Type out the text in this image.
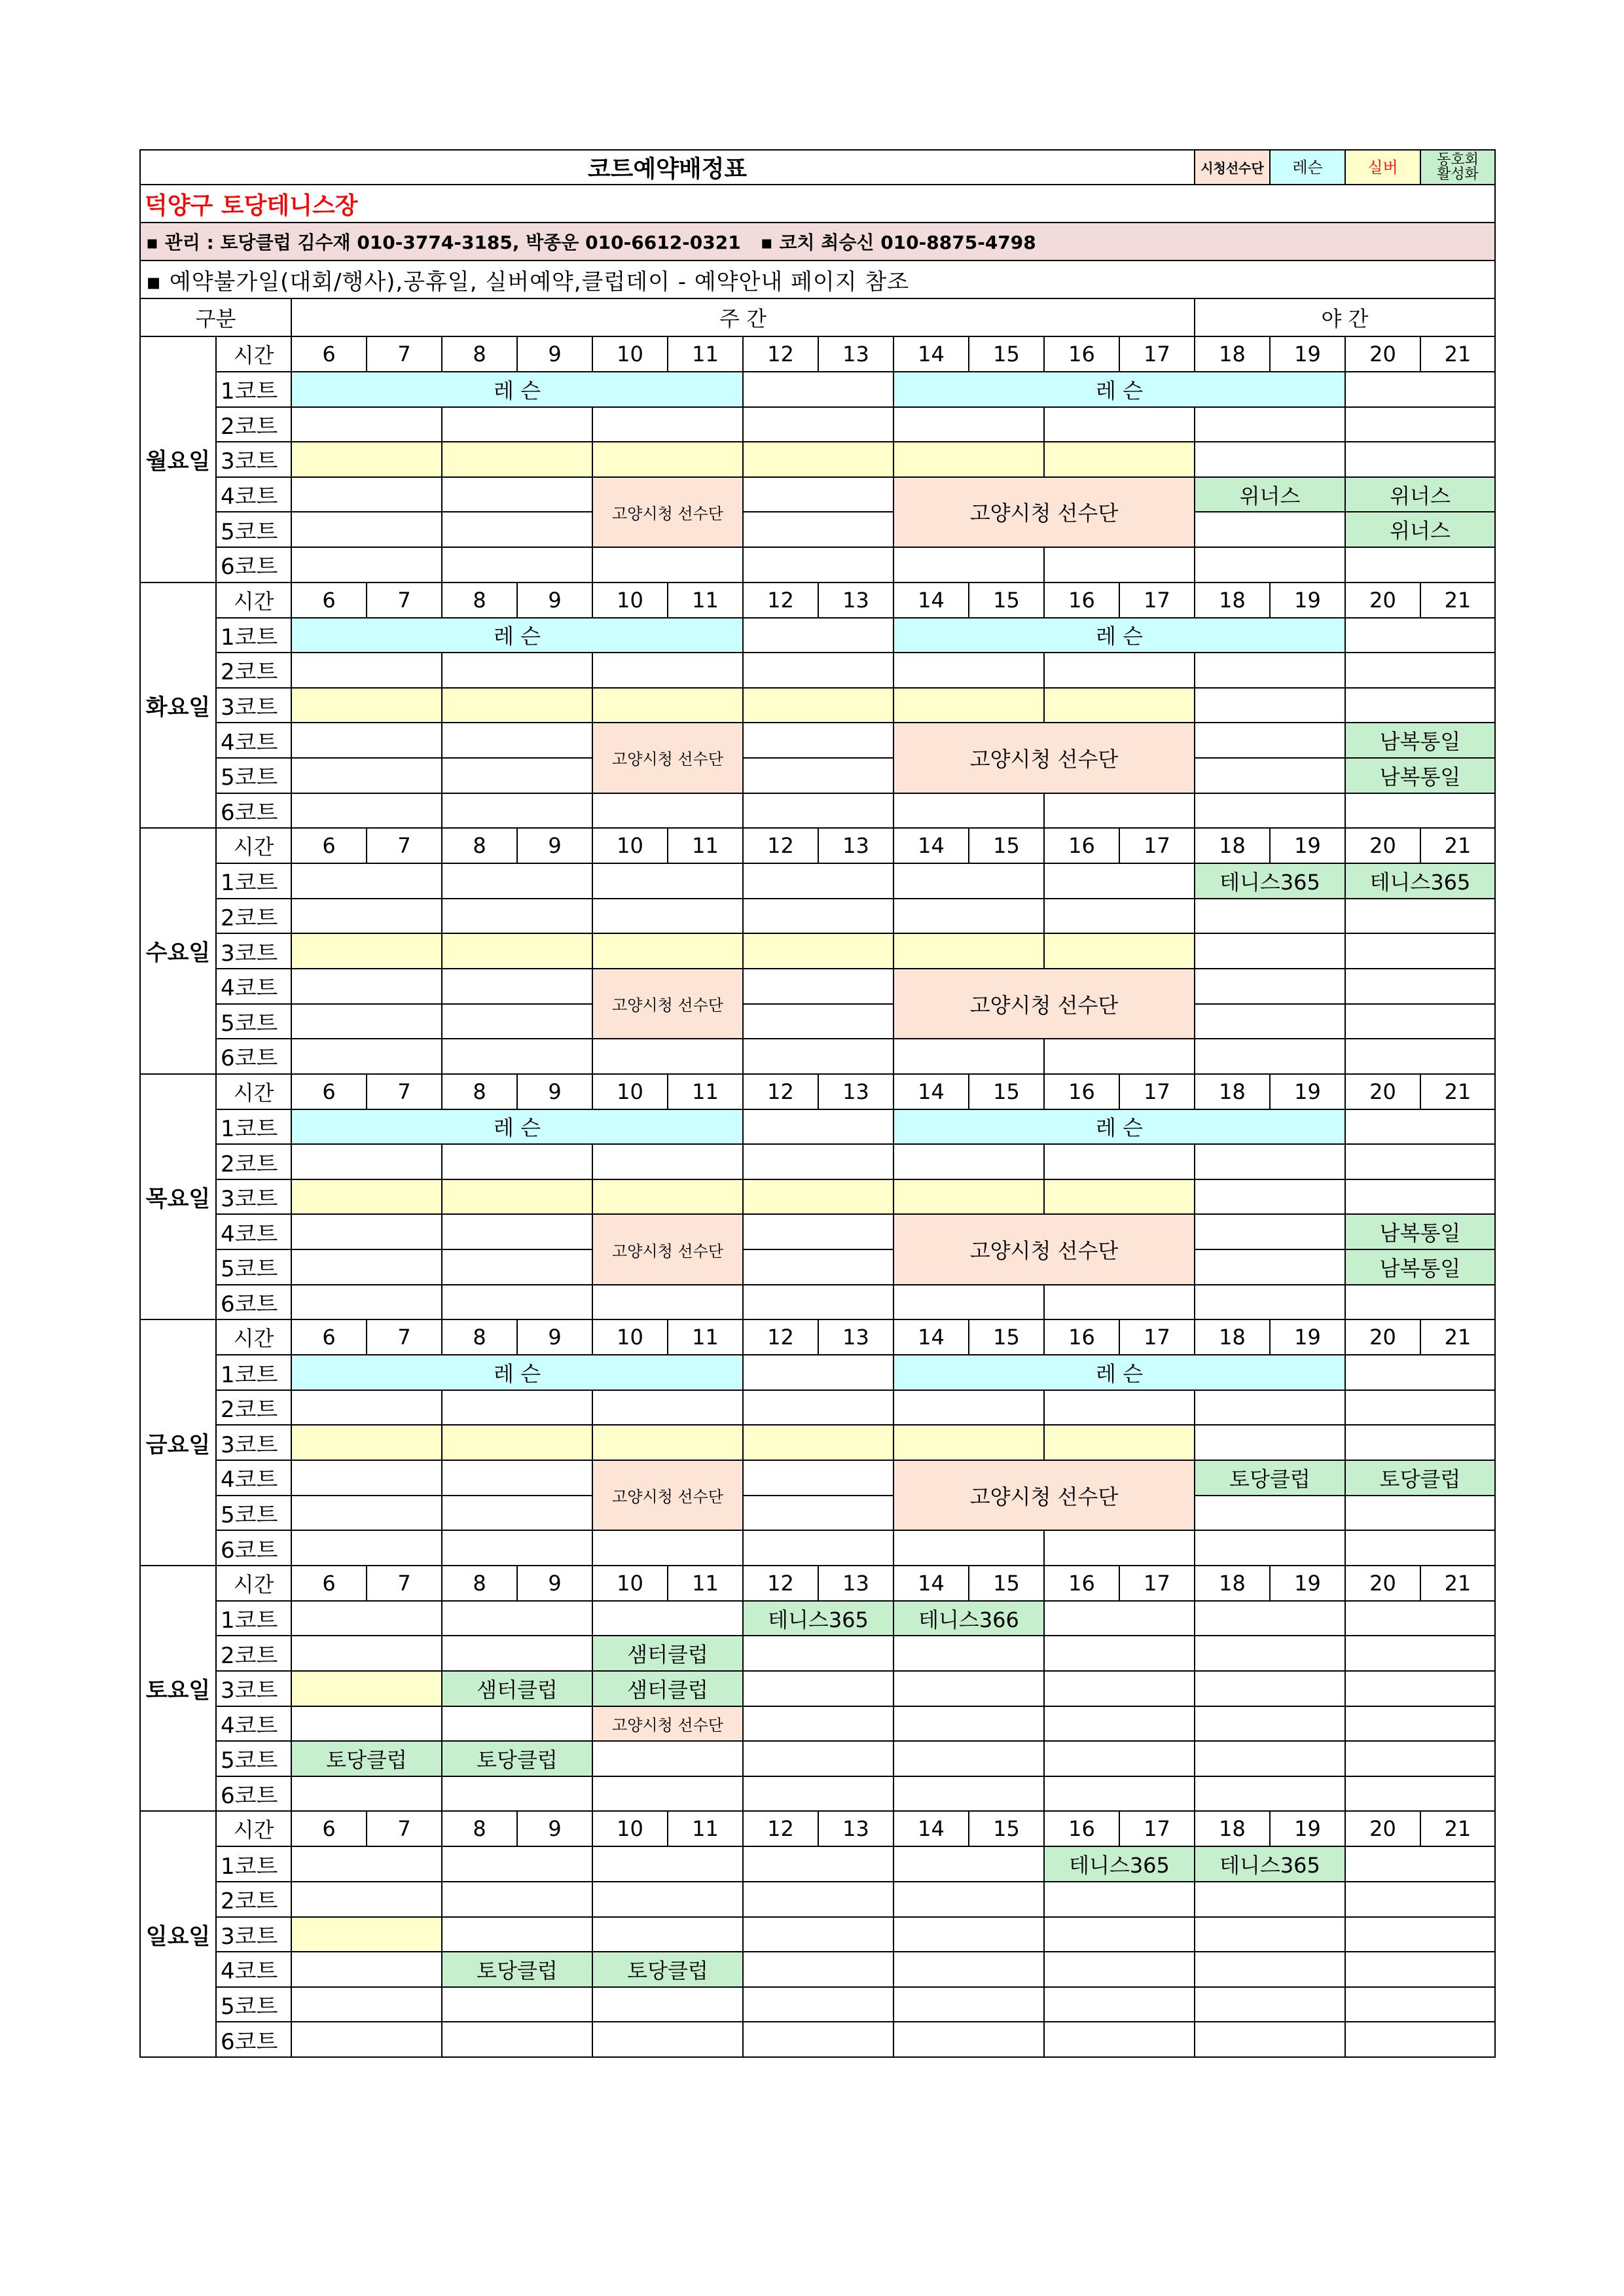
코트예약배정표														시청선수단	레슨	실버	동호회
활성화	
덕양구 토당테니스장																		
▪ 관리 : 토당클럽 김수재 010-3774-3185, 박종운 010-6612-0321 ▪ 코치 최승신 010-8875-4798																		
▪ 예약불가일(대회/행사),공휴일, 실버예약,클럽데이 - 예약안내 페이지 참조																		
구분		주 간												야 간				
월요일	시간	6	7	8	9	10	11	12	13	14	15	16	17	18	19	20	21	
	1코트	레 슨								레 슨								
	2코트																	
	3코트																	
	4코트					고양시청 선수단				고양시청 선수단				위너스		위너스		
	5코트															위너스		
	6코트																	
화요일	시간	6	7	8	9	10	11	12	13	14	15	16	17	18	19	20	21	
	1코트	레 슨								레 슨								
	2코트																	
	3코트																	
	4코트					고양시청 선수단				고양시청 선수단						남복통일		
	5코트															남복통일		
	6코트																	
수요일	시간	6	7	8	9	10	11	12	13	14	15	16	17	18	19	20	21	
	1코트													테니스365		테니스365		
	2코트																	
	3코트																	
	4코트					고양시청 선수단				고양시청 선수단								
	5코트																	
	6코트																	
목요일	시간	6	7	8	9	10	11	12	13	14	15	16	17	18	19	20	21	
	1코트	레 슨								레 슨								
	2코트																	
	3코트																	
	4코트					고양시청 선수단				고양시청 선수단						남복통일		
	5코트															남복통일		
	6코트																	
금요일	시간	6	7	8	9	10	11	12	13	14	15	16	17	18	19	20	21	
	1코트	레 슨								레 슨								
	2코트																	
	3코트																	
	4코트					고양시청 선수단				고양시청 선수단				토당클럽		토당클럽		
	5코트																	
	6코트																	
토요일	시간	6	7	8	9	10	11	12	13	14	15	16	17	18	19	20	21	
	1코트							테니스365		테니스366								
	2코트					샘터클럽												
	3코트			샘터클럽		샘터클럽												
	4코트					고양시청 선수단												
	5코트	토당클럽		토당클럽														
	6코트																	
일요일	시간	6	7	8	9	10	11	12	13	14	15	16	17	18	19	20	21	
	1코트											테니스365		테니스365				
	2코트																	
	3코트																	
	4코트			토당클럽		토당클럽												
	5코트																	
	6코트																	
